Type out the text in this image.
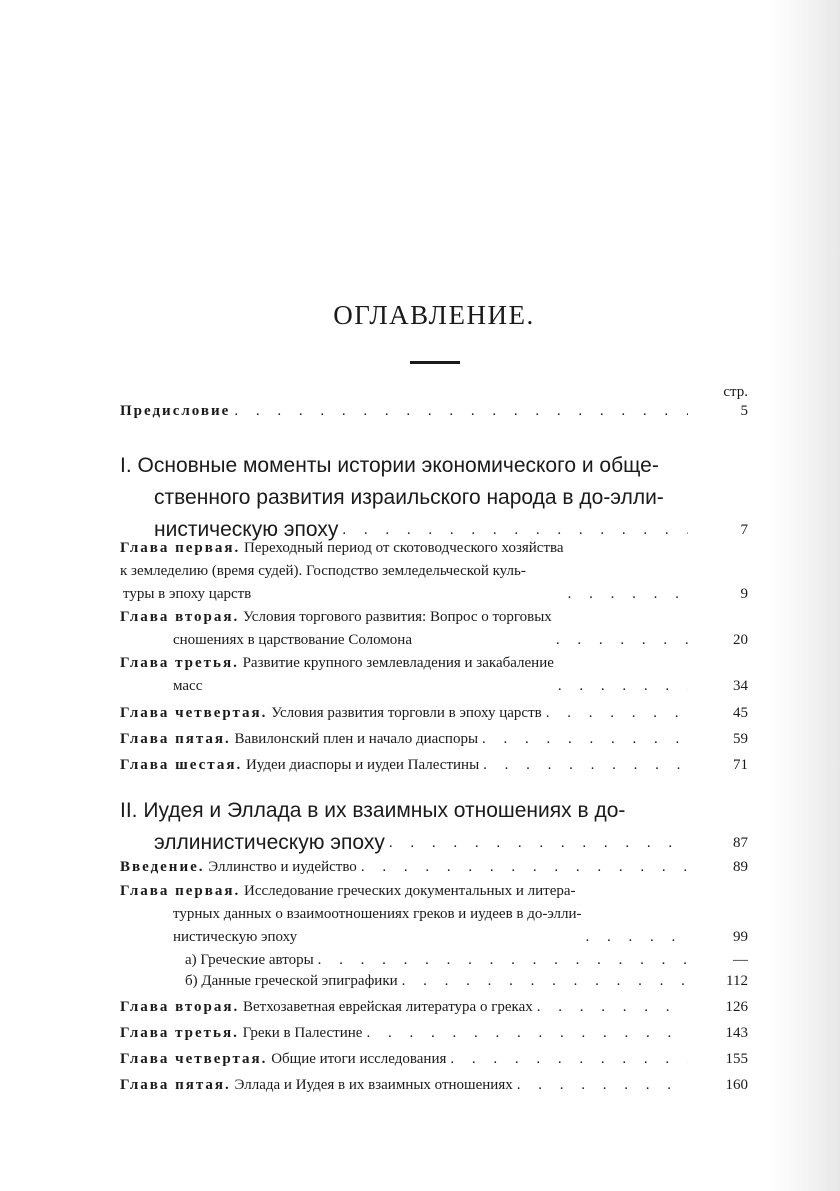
ОГЛАВЛЕНИЕ.
стр.
Предисловие . . .	5
I. Основные моменты истории экономического и обще-
ственного развития израильского народа в до-элли-
нистическую эпоху . . .	7
Глава первая. Переходный период от скотоводческого хозяйства
к земледелию (время судей). Господство земледельческой куль-
туры в эпоху царств . . .	9
Глава вторая. Условия торгового развития: Вопрос о торговых
сношениях в царствование Соломона . . .	20
Глава третья. Развитие крупного землевладения и закабаление
масс . . .	34
Глава четвертая. Условия развития торговли в эпоху царств . . .	45
Глава пятая. Вавилонский плен и начало диаспоры . . .	59
Глава шестая. Иудеи диаспоры и иудеи Палестины . . .	71
II. Иудея и Эллада в их взаимных отношениях в до-
эллинистическую эпоху . . .	87
Введение. Эллинство и иудейство . . .	89
Глава первая. Исследование греческих документальных и литера-
турных данных о взаимоотношениях греков и иудеев в до-элли-
нистическую эпоху . . .	99
а) Греческие авторы . . .	—
б) Данные греческой эпиграфики . . .	112
Глава вторая. Ветхозаветная еврейская литература о греках . . .	126
Глава третья. Греки в Палестине . . .	143
Глава четвертая. Общие итоги исследования . . .	155
Глава пятая. Эллада и Иудея в их взаимных отношениях . . .	160
